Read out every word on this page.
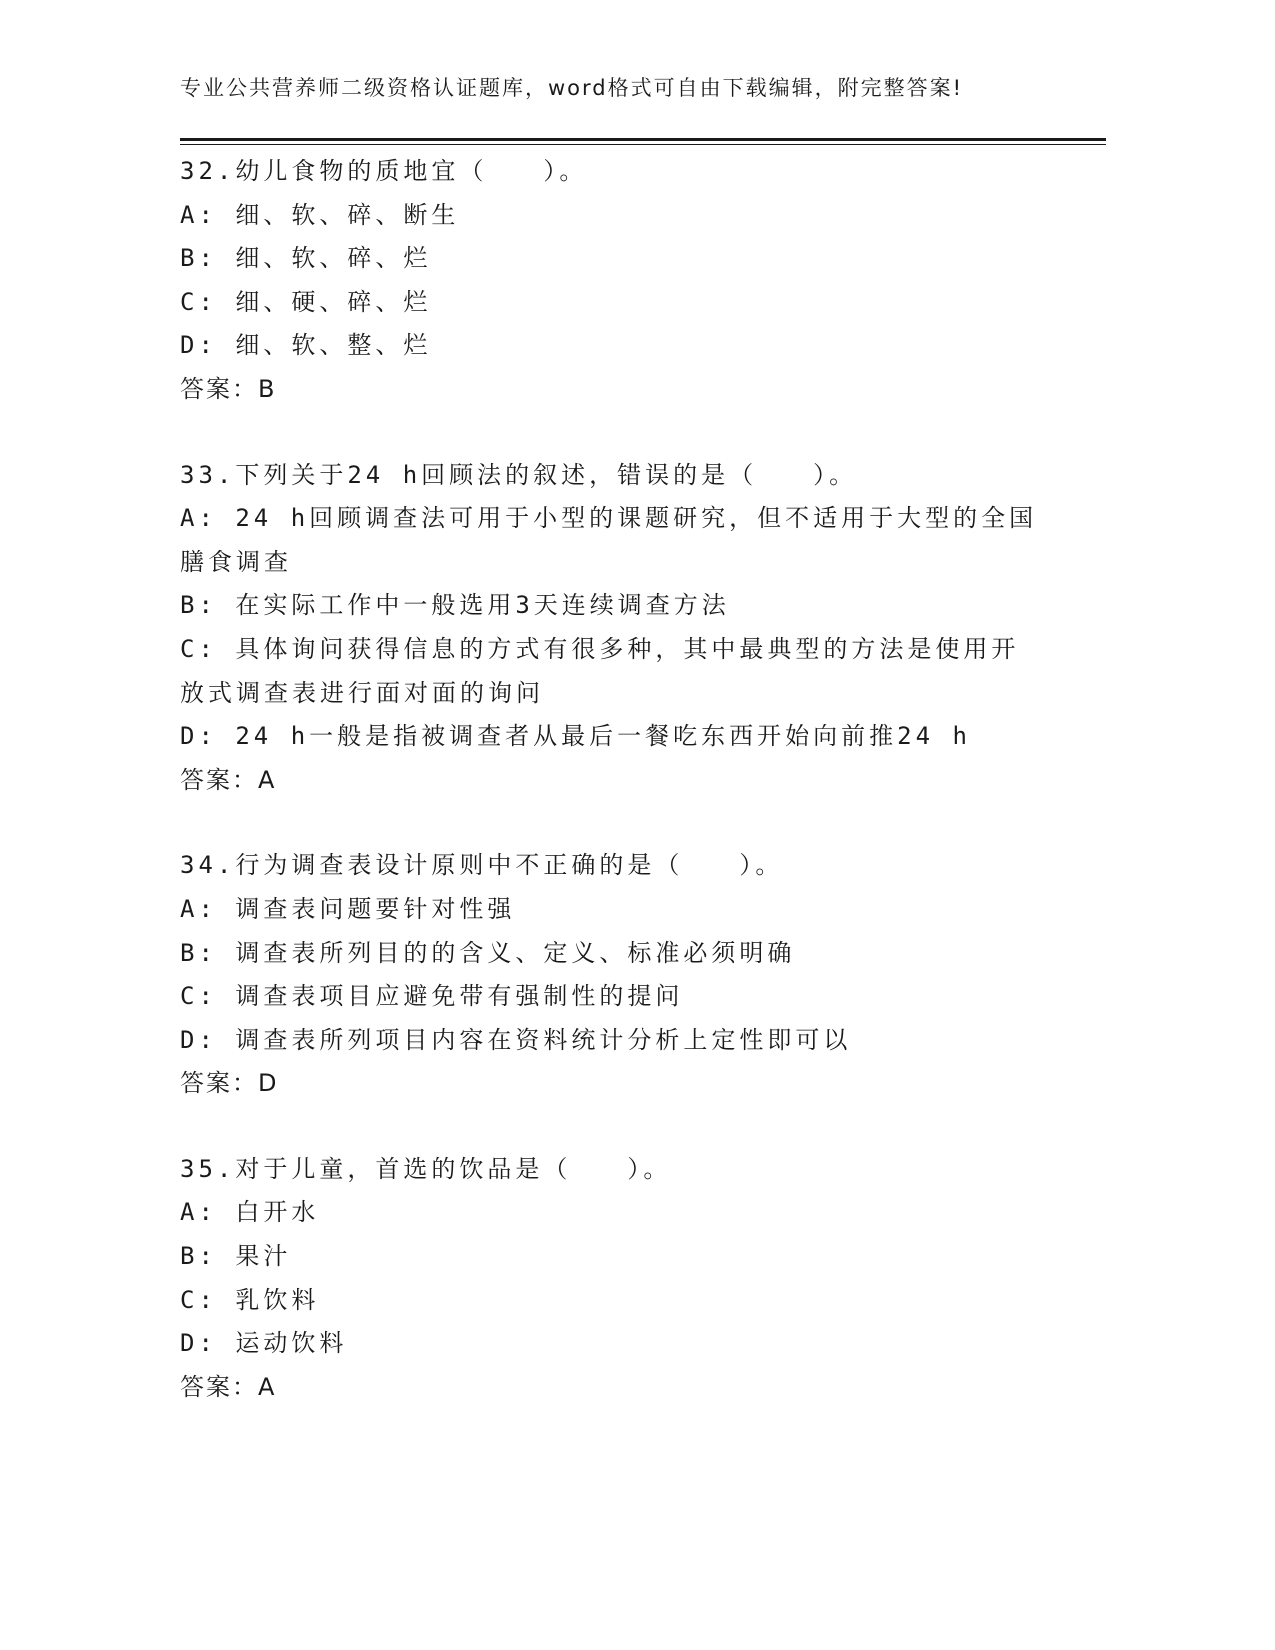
专业公共营养师二级资格认证题库，word格式可自由下载编辑，附完整答案!
32.幼儿食物的质地宜（　　）。
A: 细、软、碎、断生
B: 细、软、碎、烂
C: 细、硬、碎、烂
D: 细、软、整、烂
答案：B
33.下列关于24 h回顾法的叙述，错误的是（　　）。
A: 24 h回顾调查法可用于小型的课题研究，但不适用于大型的全国膳食调查
B: 在实际工作中一般选用3天连续调查方法
C: 具体询问获得信息的方式有很多种，其中最典型的方法是使用开放式调查表进行面对面的询问
D: 24 h一般是指被调查者从最后一餐吃东西开始向前推24 h
答案：A
34.行为调查表设计原则中不正确的是（　　）。
A: 调查表问题要针对性强
B: 调查表所列目的的含义、定义、标准必须明确
C: 调查表项目应避免带有强制性的提问
D: 调查表所列项目内容在资料统计分析上定性即可以
答案：D
35.对于儿童，首选的饮品是（　　）。
A: 白开水
B: 果汁
C: 乳饮料
D: 运动饮料
答案：A
